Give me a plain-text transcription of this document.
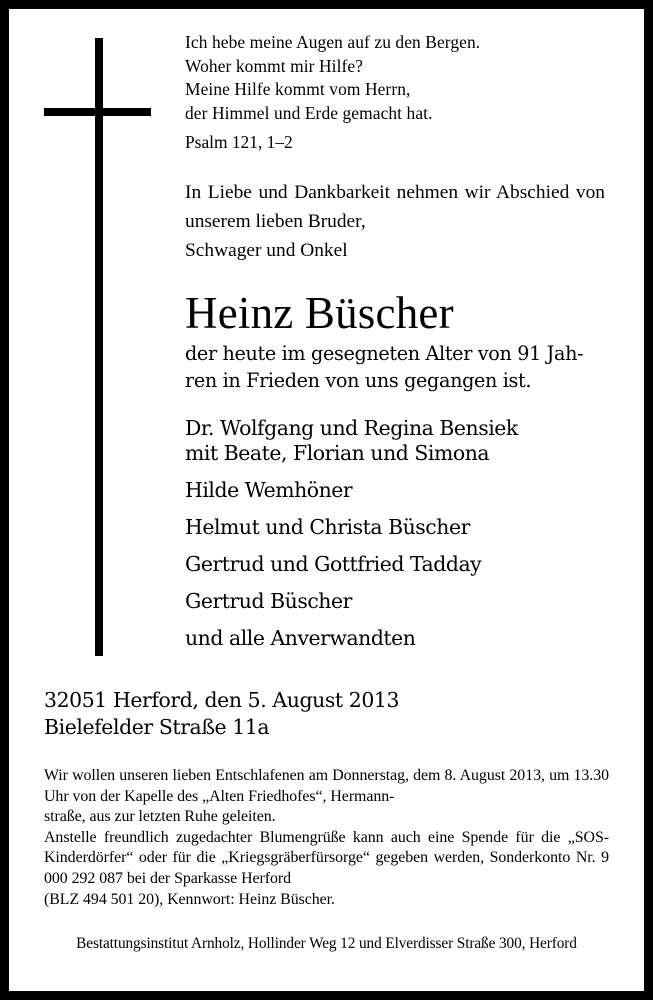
Ich hebe meine Augen auf zu den Bergen.
Woher kommt mir Hilfe?
Meine Hilfe kommt vom Herrn,
der Himmel und Erde gemacht hat.
Psalm 121, 1–2
In Liebe und Dankbarkeit nehmen wir Abschied von unserem lieben Bruder,
Schwager und Onkel
Heinz Büscher
der heute im gesegneten Alter von 91 Jah-
ren in Frieden von uns gegangen ist.
Dr. Wolfgang und Regina Bensiek
mit Beate, Florian und Simona
Hilde Wemhöner
Helmut und Christa Büscher
Gertrud und Gottfried Tadday
Gertrud Büscher
und alle Anverwandten
32051 Herford, den 5. August 2013
Bielefelder Straße 11a

Wir wollen unseren lieben Entschlafenen am Donnerstag, dem 8. August 2013, um 13.30 Uhr von der Kapelle des „Alten Friedhofes“, Hermann-
straße, aus zur letzten Ruhe geleiten.

Anstelle freundlich zugedachter Blumengrüße kann auch eine Spende für die „SOS-Kinderdörfer“ oder für die „Kriegsgräberfürsorge“ gegeben werden, Sonderkonto Nr. 9 000 292 087 bei der Sparkasse Herford
(BLZ 494 501 20), Kennwort: Heinz Büscher.

Bestattungsinstitut Arnholz, Hollinder Weg 12 und Elverdisser Straße 300, Herford
